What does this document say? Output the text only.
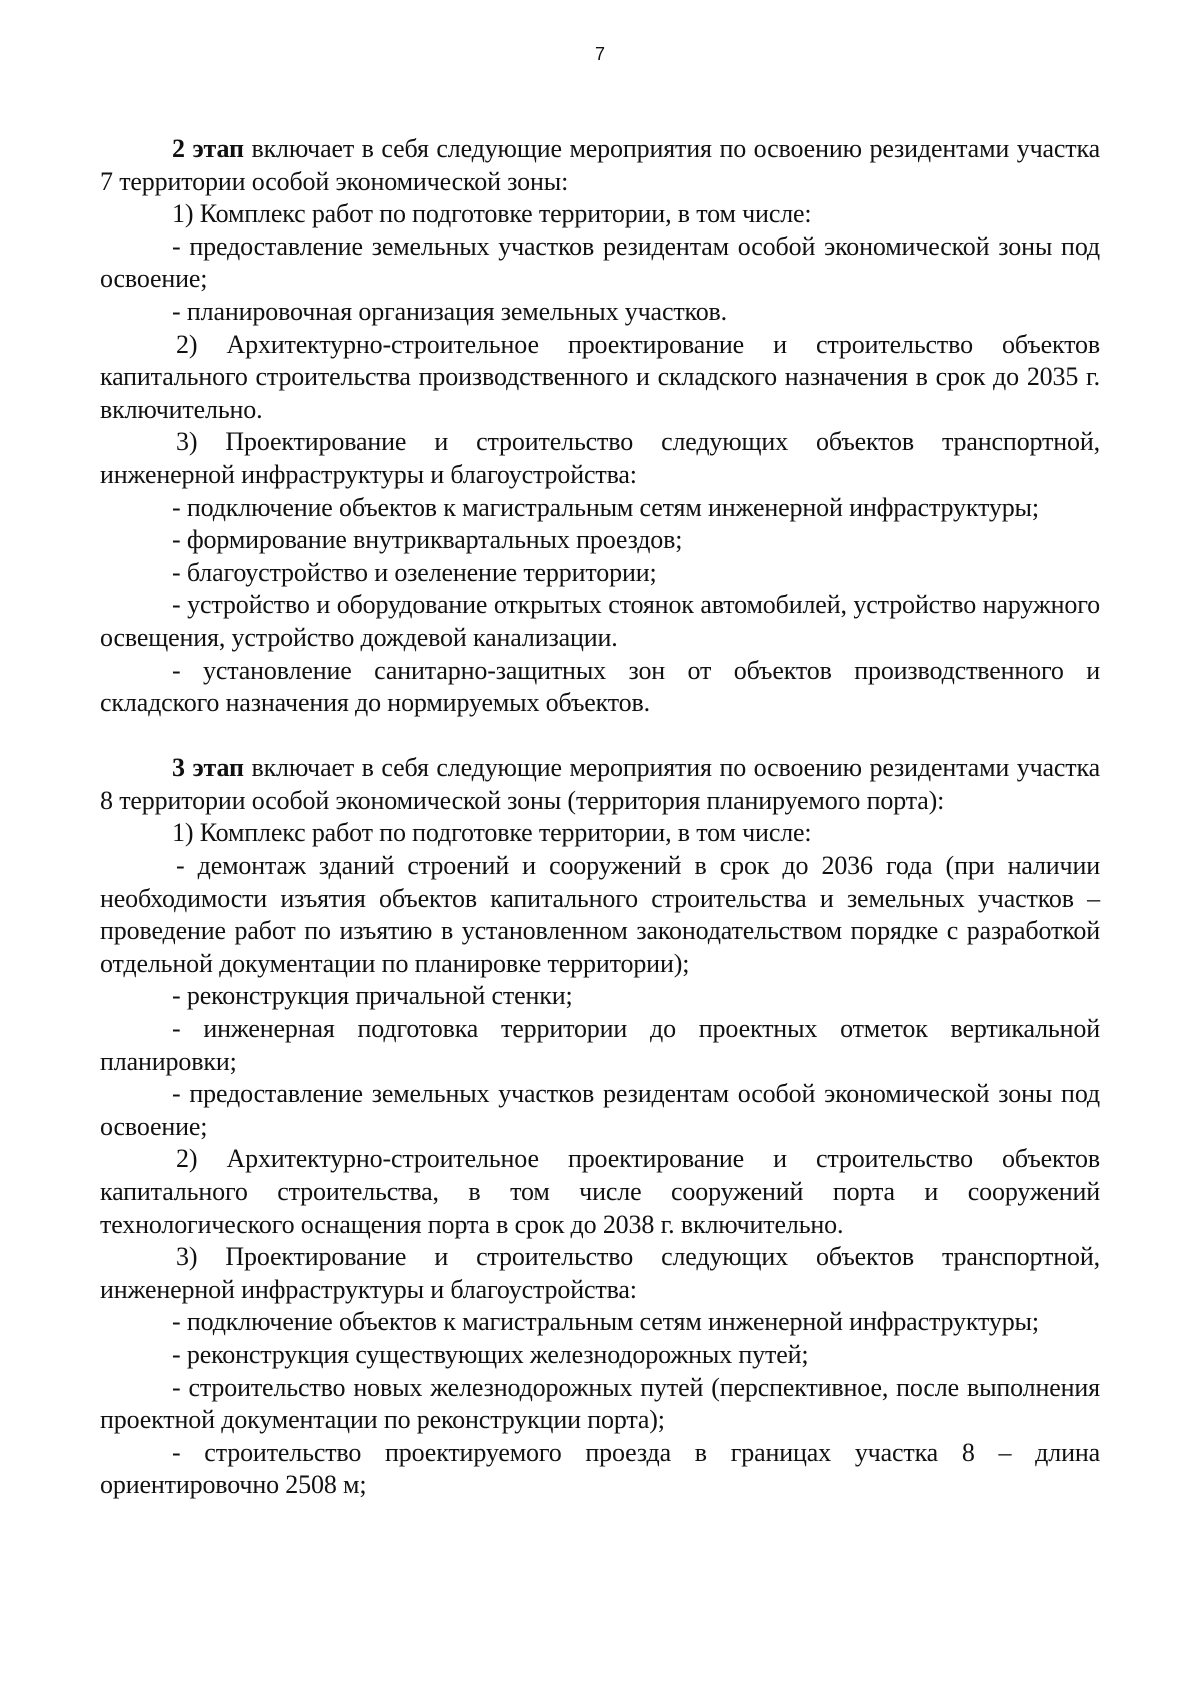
7

2 этап включает в себя следующие мероприятия по освоению резидентами участка 7 территории особой экономической зоны:

1) Комплекс работ по подготовке территории, в том числе:

- предоставление земельных участков резидентам особой экономической зоны под освоение;

- планировочная организация земельных участков.

2) Архитектурно-строительное проектирование и строительство объектов капитального строительства производственного и складского назначения в срок до 2035 г. включительно.

3) Проектирование и строительство следующих объектов транспортной, инженерной инфраструктуры и благоустройства:

- подключение объектов к магистральным сетям инженерной инфраструктуры;

- формирование внутриквартальных проездов;

- благоустройство и озеленение территории;

- устройство и оборудование открытых стоянок автомобилей, устройство наружного освещения, устройство дождевой канализации.

- установление санитарно-защитных зон от объектов производственного и складского назначения до нормируемых объектов.

3 этап включает в себя следующие мероприятия по освоению резидентами участка 8 территории особой экономической зоны (территория планируемого порта):

1) Комплекс работ по подготовке территории, в том числе:

- демонтаж зданий строений и сооружений в срок до 2036 года (при наличии необходимости изъятия объектов капитального строительства и земельных участков – проведение работ по изъятию в установленном законодательством порядке с разработкой отдельной документации по планировке территории);

- реконструкция причальной стенки;

- инженерная подготовка территории до проектных отметок вертикальной планировки;

- предоставление земельных участков резидентам особой экономической зоны под освоение;

2) Архитектурно-строительное проектирование и строительство объектов капитального строительства, в том числе сооружений порта и сооружений технологического оснащения порта в срок до 2038 г. включительно.

3) Проектирование и строительство следующих объектов транспортной, инженерной инфраструктуры и благоустройства:

- подключение объектов к магистральным сетям инженерной инфраструктуры;

- реконструкция существующих железнодорожных путей;

- строительство новых железнодорожных путей (перспективное, после выполнения проектной документации по реконструкции порта);

- строительство проектируемого проезда в границах участка 8 – длина ориентировочно 2508 м;
